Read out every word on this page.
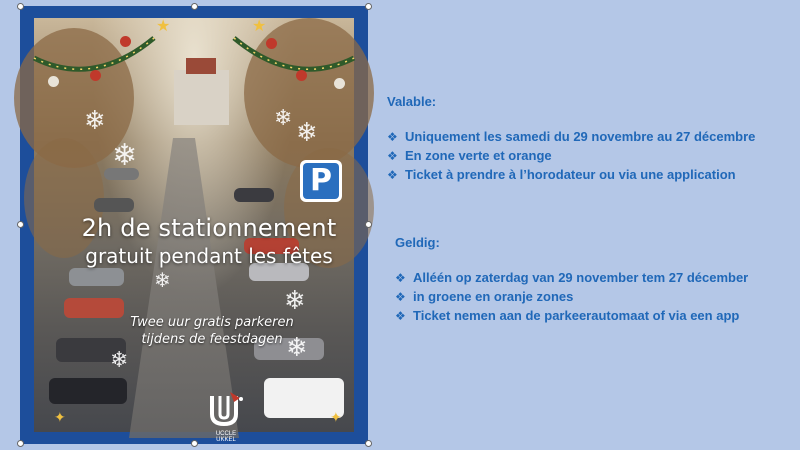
★	★
❄
❄
❄ ❄
❄
❄
❄	❄
✦	✦
P
2h de stationnement
gratuit pendant les fêtes
Twee uur gratis parkeren tijdens de feestdagen
UCCLE
UKKEL
Valable:
❖ Uniquement les samedi du 29 novembre au 27 décembre
❖ En zone verte et orange
❖ Ticket à prendre à l’horodateur ou via une application
Geldig:
❖ Alléén op zaterdag van 29 november tem 27 décember
❖ in groene en oranje zones
❖ Ticket nemen aan de parkeerautomaat of via een app
